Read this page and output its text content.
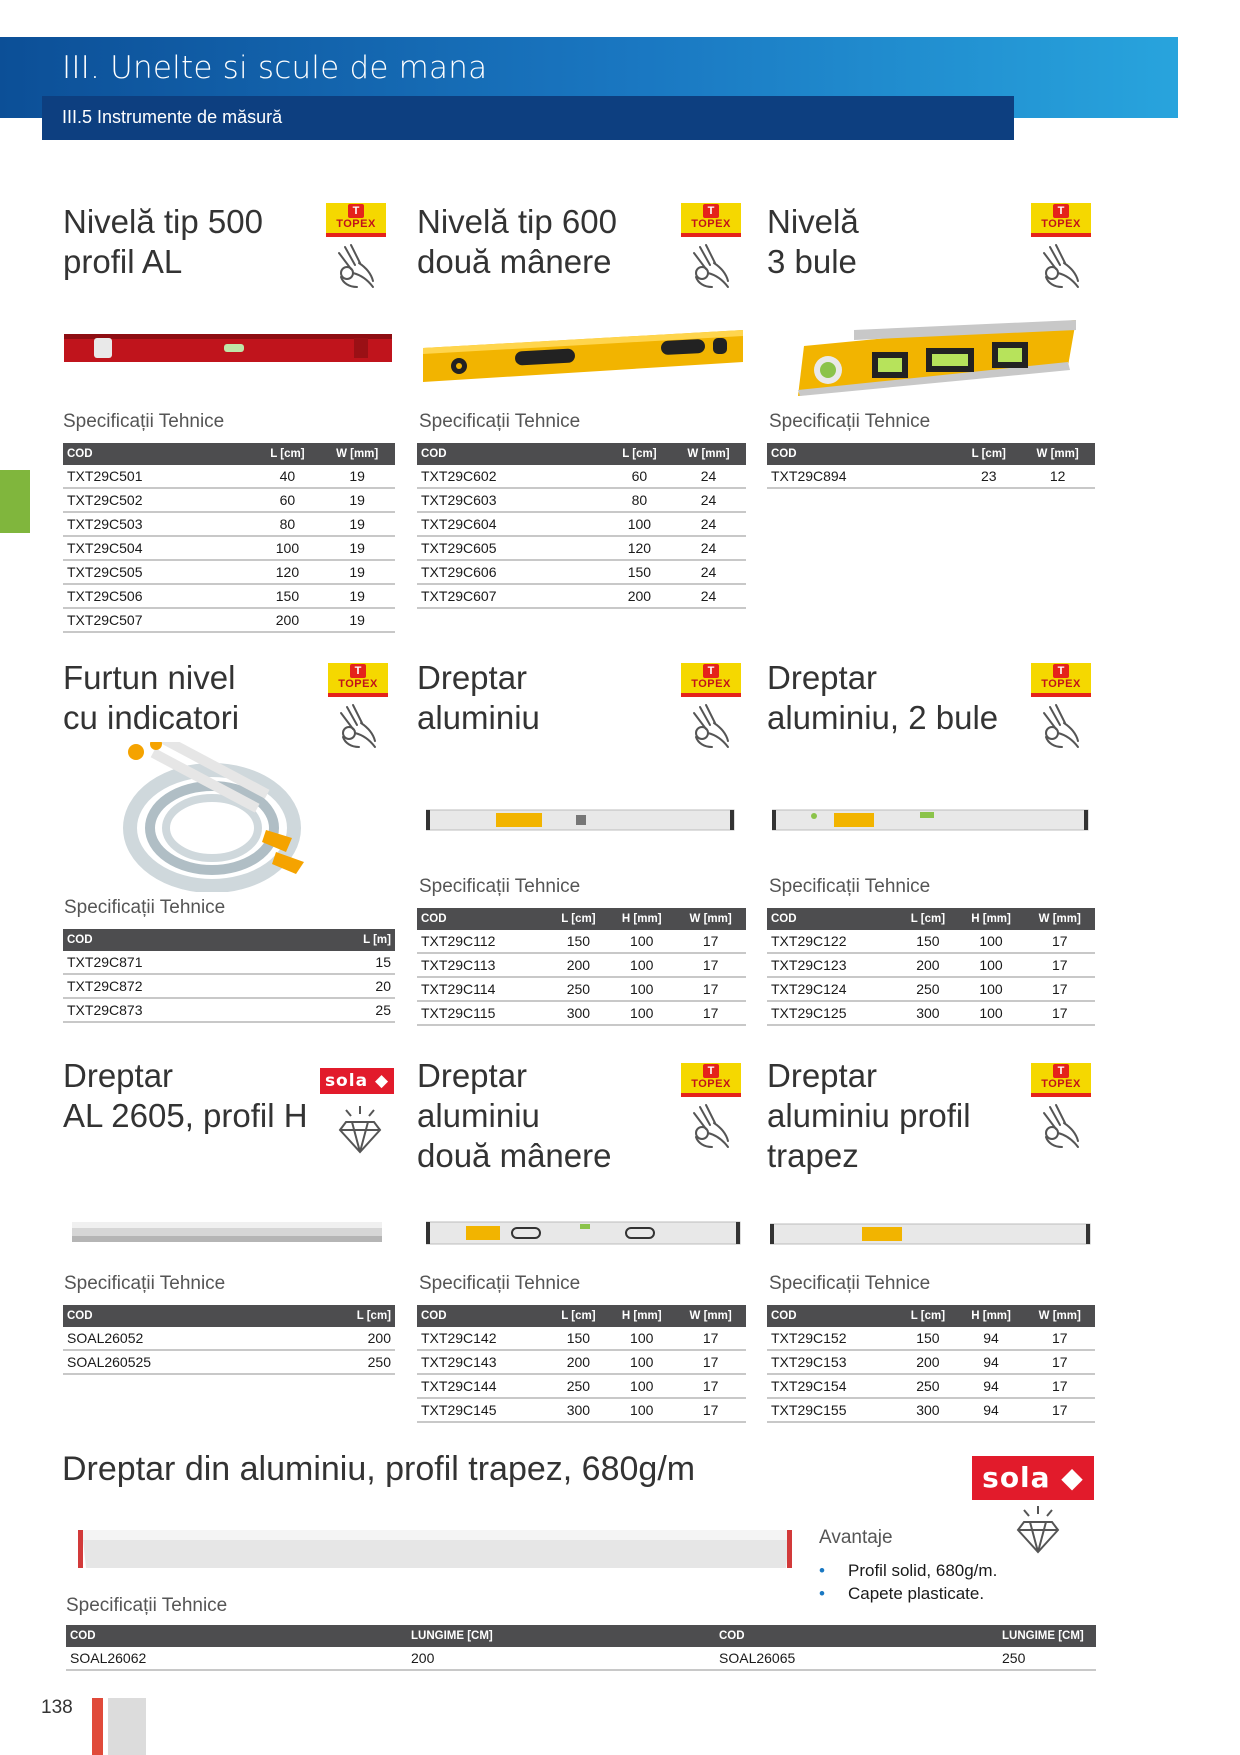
III. Unelte si scule de mana
III.5 Instrumente de măsură
Nivelă tip 500
profil AL
T
TOPEX
Specificații Tehnice
COD	L [cm]	W [mm]
TXT29C501	40	19
TXT29C502	60	19
TXT29C503	80	19
TXT29C504	100	19
TXT29C505	120	19
TXT29C506	150	19
TXT29C507	200	19
Nivelă tip 600
două mânere
T
TOPEX
Specificații Tehnice
COD	L [cm]	W [mm]
TXT29C602	60	24
TXT29C603	80	24
TXT29C604	100	24
TXT29C605	120	24
TXT29C606	150	24
TXT29C607	200	24
Nivelă
3 bule
T
TOPEX
Specificații Tehnice
COD	L [cm]	W [mm]
TXT29C894	23	12
Furtun nivel
cu indicatori
T
TOPEX
Specificații Tehnice
COD	L [m]
TXT29C871	15
TXT29C872	20
TXT29C873	25
Dreptar
aluminiu
T
TOPEX
Specificații Tehnice
COD	L [cm]	H [mm]	W [mm]
TXT29C112	150	100	17
TXT29C113	200	100	17
TXT29C114	250	100	17
TXT29C115	300	100	17
Dreptar
aluminiu, 2 bule
T
TOPEX
Specificații Tehnice
COD	L [cm]	H [mm]	W [mm]
TXT29C122	150	100	17
TXT29C123	200	100	17
TXT29C124	250	100	17
TXT29C125	300	100	17
Dreptar
AL 2605, profil H
sola ◆
Specificații Tehnice
COD	L [cm]
SOAL26052	200
SOAL260525	250
Dreptar
aluminiu
două mânere
T
TOPEX
Specificații Tehnice
COD	L [cm]	H [mm]	W [mm]
TXT29C142	150	100	17
TXT29C143	200	100	17
TXT29C144	250	100	17
TXT29C145	300	100	17
Dreptar
aluminiu profil
trapez
T
TOPEX
Specificații Tehnice
COD	L [cm]	H [mm]	W [mm]
TXT29C152	150	94	17
TXT29C153	200	94	17
TXT29C154	250	94	17
TXT29C155	300	94	17
Dreptar din aluminiu, profil trapez, 680g/m	sola ◆
Avantaje
• Profil solid, 680g/m.
• Capete plasticate.
Specificații Tehnice
COD	LUNGIME [CM]	COD	LUNGIME [CM]
SOAL26062	200	SOAL26065	250
138
